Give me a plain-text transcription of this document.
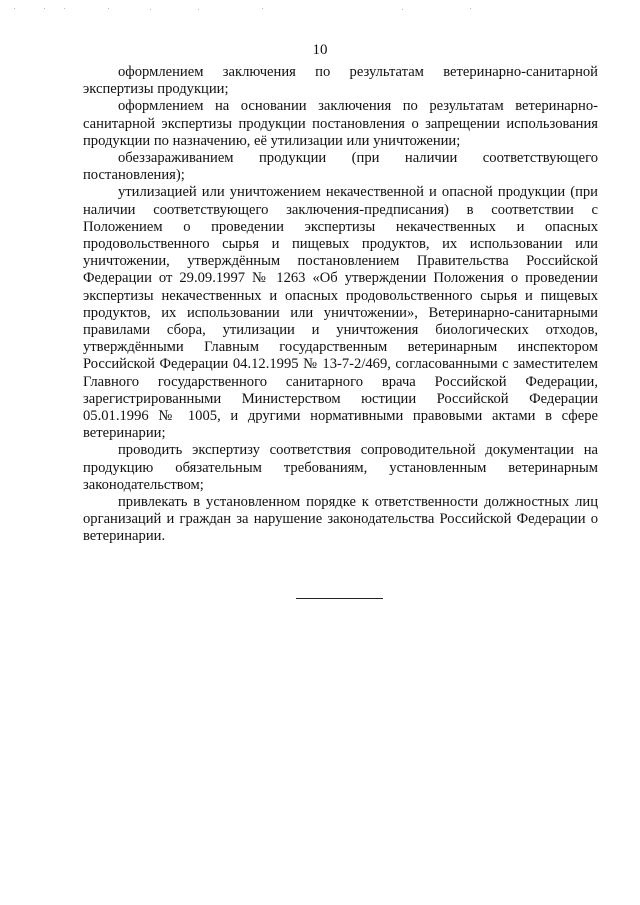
10

оформлением заключения по результатам ветеринарно-санитарной экспертизы продукции;

оформлением на основании заключения по результатам ветеринарно-санитарной экспертизы продукции постановления о запрещении использования продукции по назначению, её утилизации или уничтожении;

обеззараживанием продукции (при наличии соответствующего постановления);

утилизацией или уничтожением некачественной и опасной продукции (при наличии соответствующего заключения-предписания) в соответствии с Положением о проведении экспертизы некачественных и опасных продовольственного сырья и пищевых продуктов, их использовании или уничтожении, утверждённым постановлением Правительства Российской Федерации от 29.09.1997 № 1263 «Об утверждении Положения о проведении экспертизы некачественных и опасных продовольственного сырья и пищевых продуктов, их использовании или уничтожении», Ветеринарно-санитарными правилами сбора, утилизации и уничтожения биологических отходов, утверждёнными Главным государственным ветеринарным инспектором Российской Федерации 04.12.1995 № 13-7-2/469, согласованными с заместителем Главного государственного санитарного врача Российской Федерации, зарегистрированными Министерством юстиции Российской Федерации 05.01.1996 № 1005, и другими нормативными правовыми актами в сфере ветеринарии;

проводить экспертизу соответствия сопроводительной документации на продукцию обязательным требованиям, установленным ветеринарным законодательством;

привлекать в установленном порядке к ответственности должностных лиц организаций и граждан за нарушение законодательства Российской Федерации о ветеринарии.
